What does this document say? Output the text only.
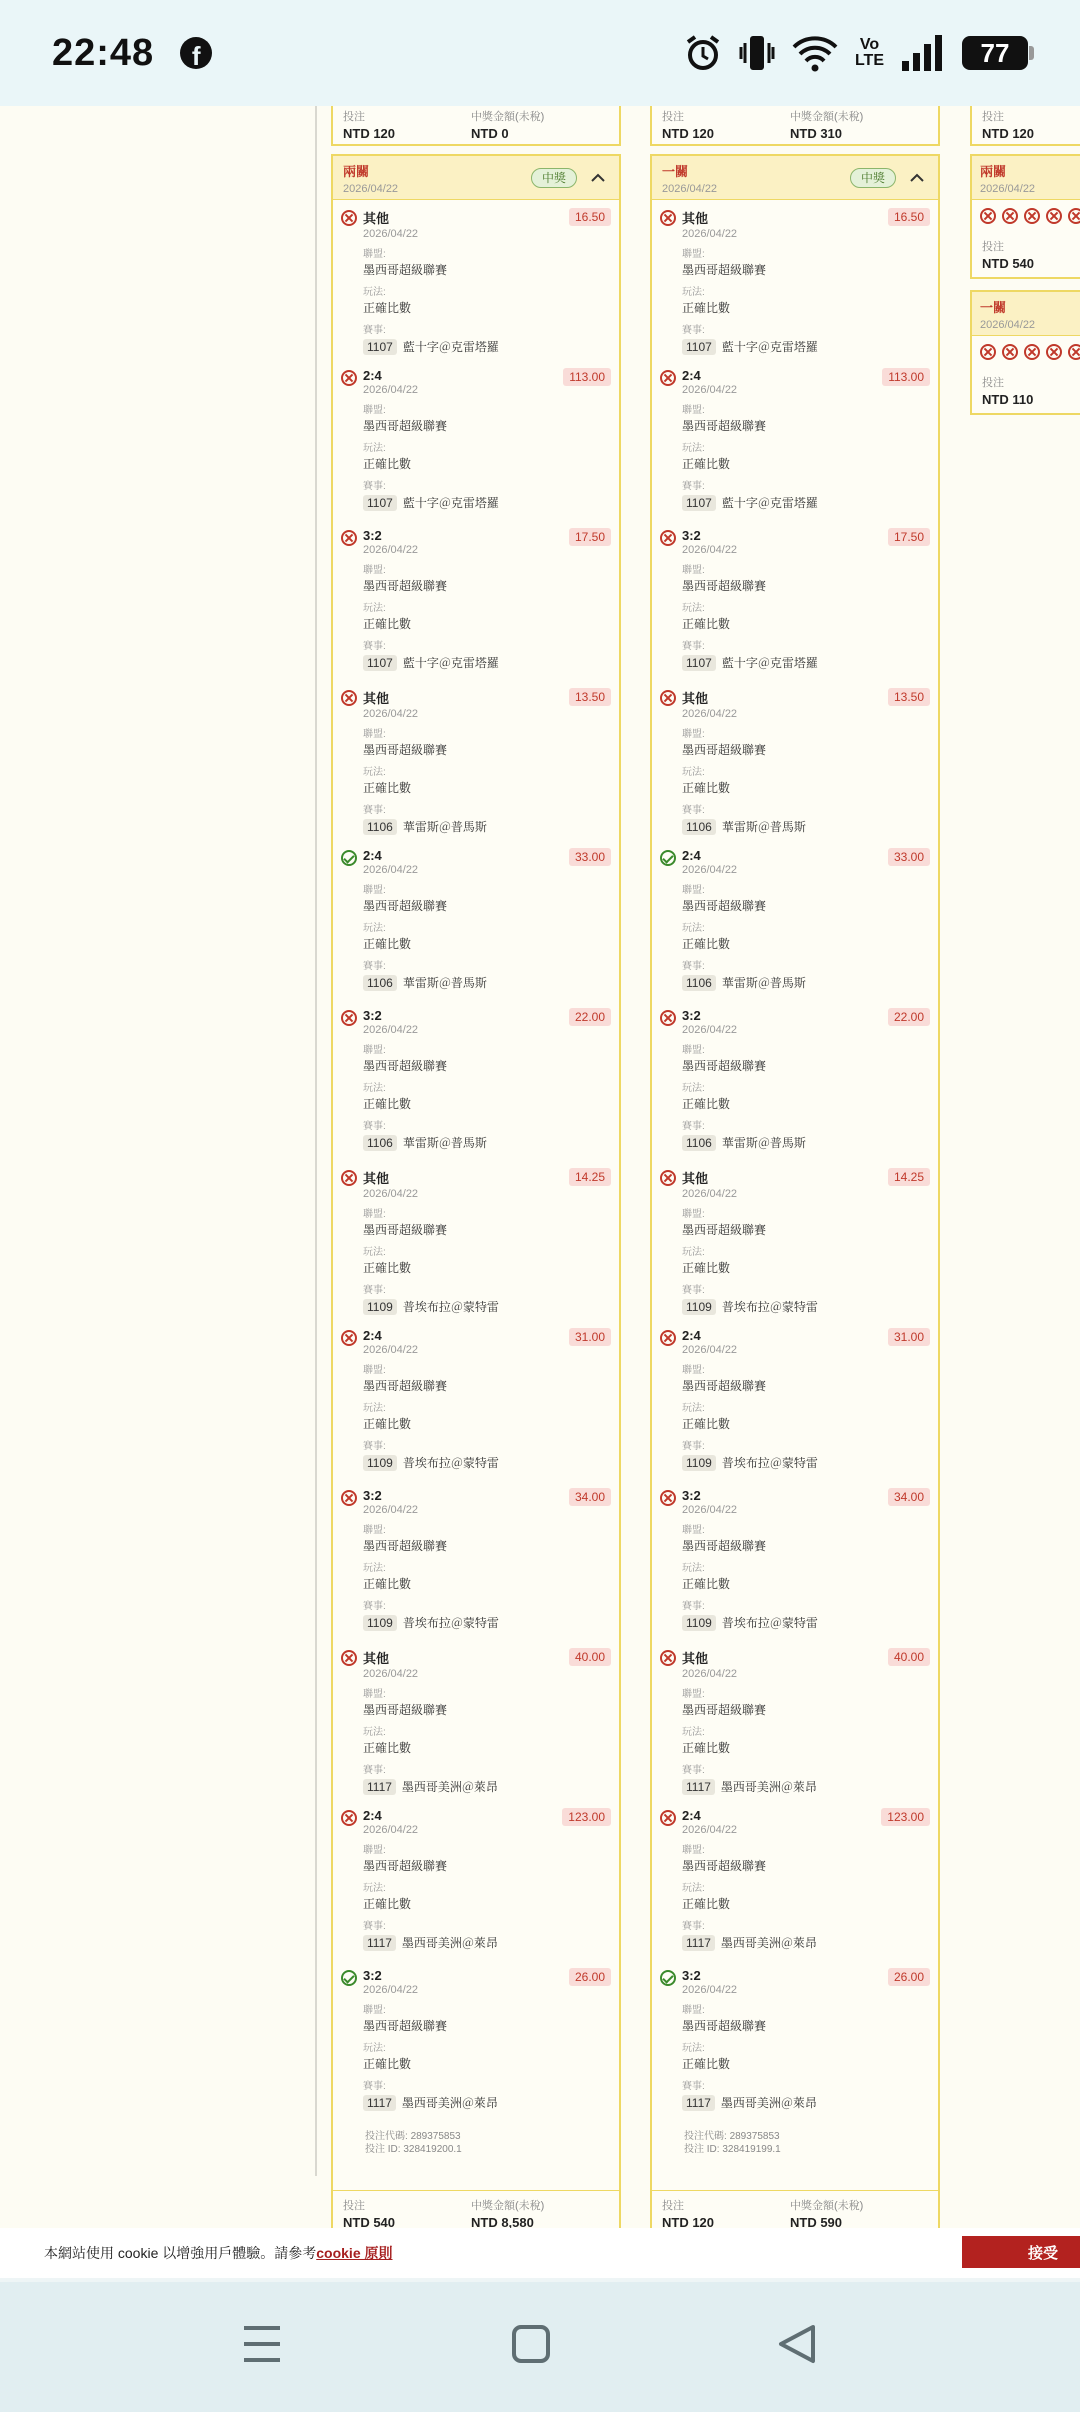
22:48	f	Vo
LTE	77
投注
NTD 120
中獎金額(未稅)
NTD 0
投注
NTD 120
中獎金額(未稅)
NTD 310
投注
NTD 120
兩關
2026/04/22
中獎
16.50
其他
2026/04/22
聯盟:
墨西哥超級聯賽
玩法:
正確比數
賽事:
1107 藍十字＠克雷塔羅
113.00
2:4
2026/04/22
聯盟:
墨西哥超級聯賽
玩法:
正確比數
賽事:
1107 藍十字＠克雷塔羅
17.50
3:2
2026/04/22
聯盟:
墨西哥超級聯賽
玩法:
正確比數
賽事:
1107 藍十字＠克雷塔羅
13.50
其他
2026/04/22
聯盟:
墨西哥超級聯賽
玩法:
正確比數
賽事:
1106 華雷斯＠普馬斯
33.00
2:4
2026/04/22
聯盟:
墨西哥超級聯賽
玩法:
正確比數
賽事:
1106 華雷斯＠普馬斯
22.00
3:2
2026/04/22
聯盟:
墨西哥超級聯賽
玩法:
正確比數
賽事:
1106 華雷斯＠普馬斯
14.25
其他
2026/04/22
聯盟:
墨西哥超級聯賽
玩法:
正確比數
賽事:
1109 普埃布拉＠蒙特雷
31.00
2:4
2026/04/22
聯盟:
墨西哥超級聯賽
玩法:
正確比數
賽事:
1109 普埃布拉＠蒙特雷
34.00
3:2
2026/04/22
聯盟:
墨西哥超級聯賽
玩法:
正確比數
賽事:
1109 普埃布拉＠蒙特雷
40.00
其他
2026/04/22
聯盟:
墨西哥超級聯賽
玩法:
正確比數
賽事:
1117 墨西哥美洲＠萊昂
123.00
2:4
2026/04/22
聯盟:
墨西哥超級聯賽
玩法:
正確比數
賽事:
1117 墨西哥美洲＠萊昂
26.00
3:2
2026/04/22
聯盟:
墨西哥超級聯賽
玩法:
正確比數
賽事:
1117 墨西哥美洲＠萊昂
投注代碼: 289375853
投注 ID: 328419200.1
投注
NTD 540
中獎金額(未稅)
NTD 8,580
一關
2026/04/22
中獎
16.50
其他
2026/04/22
聯盟:
墨西哥超級聯賽
玩法:
正確比數
賽事:
1107 藍十字＠克雷塔羅
113.00
2:4
2026/04/22
聯盟:
墨西哥超級聯賽
玩法:
正確比數
賽事:
1107 藍十字＠克雷塔羅
17.50
3:2
2026/04/22
聯盟:
墨西哥超級聯賽
玩法:
正確比數
賽事:
1107 藍十字＠克雷塔羅
13.50
其他
2026/04/22
聯盟:
墨西哥超級聯賽
玩法:
正確比數
賽事:
1106 華雷斯＠普馬斯
33.00
2:4
2026/04/22
聯盟:
墨西哥超級聯賽
玩法:
正確比數
賽事:
1106 華雷斯＠普馬斯
22.00
3:2
2026/04/22
聯盟:
墨西哥超級聯賽
玩法:
正確比數
賽事:
1106 華雷斯＠普馬斯
14.25
其他
2026/04/22
聯盟:
墨西哥超級聯賽
玩法:
正確比數
賽事:
1109 普埃布拉＠蒙特雷
31.00
2:4
2026/04/22
聯盟:
墨西哥超級聯賽
玩法:
正確比數
賽事:
1109 普埃布拉＠蒙特雷
34.00
3:2
2026/04/22
聯盟:
墨西哥超級聯賽
玩法:
正確比數
賽事:
1109 普埃布拉＠蒙特雷
40.00
其他
2026/04/22
聯盟:
墨西哥超級聯賽
玩法:
正確比數
賽事:
1117 墨西哥美洲＠萊昂
123.00
2:4
2026/04/22
聯盟:
墨西哥超級聯賽
玩法:
正確比數
賽事:
1117 墨西哥美洲＠萊昂
26.00
3:2
2026/04/22
聯盟:
墨西哥超級聯賽
玩法:
正確比數
賽事:
1117 墨西哥美洲＠萊昂
投注代碼: 289375853
投注 ID: 328419199.1
投注
NTD 120
中獎金額(未稅)
NTD 590
兩關
2026/04/22
投注
NTD 540
一關
2026/04/22
投注
NTD 110
本網站使用 cookie 以增強用戶體驗。請參考 cookie 原則	接受
